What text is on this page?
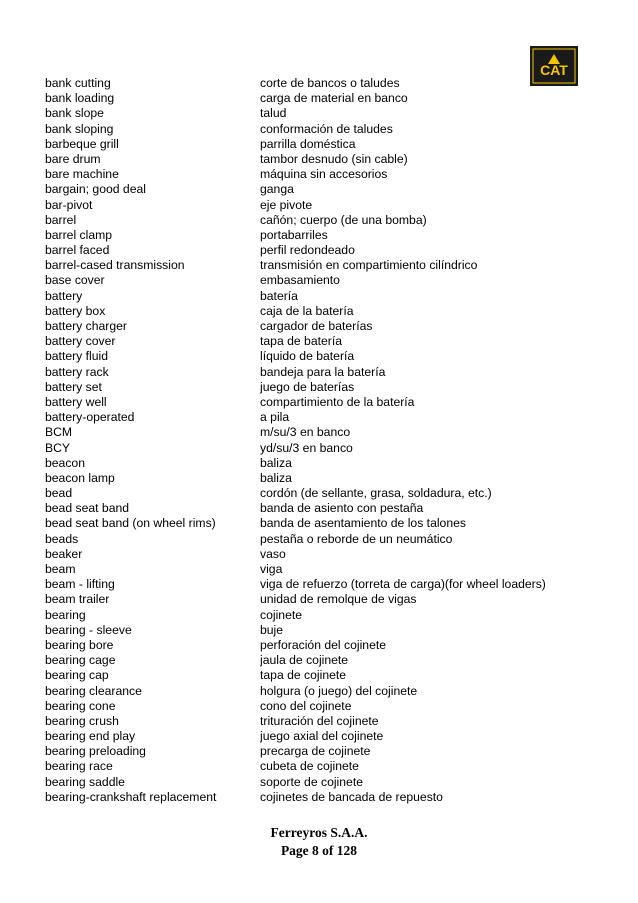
CAT
bank cutting	corte de bancos o taludes
bank loading	carga de material en banco
bank slope	talud
bank sloping	conformación de taludes
barbeque grill	parrilla doméstica
bare drum	tambor desnudo (sin cable)
bare machine	máquina sin accesorios
bargain; good deal	ganga
bar-pivot	eje pivote
barrel	cañón; cuerpo (de una bomba)
barrel clamp	portabarriles
barrel faced	perfil redondeado
barrel-cased transmission	transmisión en compartimiento cilíndrico
base cover	embasamiento
battery	batería
battery box	caja de la batería
battery charger	cargador de baterías
battery cover	tapa de batería
battery fluid	líquido de batería
battery rack	bandeja para la batería
battery set	juego de baterías
battery well	compartimiento de la batería
battery-operated	a pila
BCM	m/su/3 en banco
BCY	yd/su/3 en banco
beacon	baliza
beacon lamp	baliza
bead	cordón (de sellante, grasa, soldadura, etc.)
bead seat band	banda de asiento con pestaña
bead seat band (on wheel rims)	banda de asentamiento de los talones
beads	pestaña o reborde de un neumático
beaker	vaso
beam	viga
beam - lifting	viga de refuerzo (torreta de carga)(for wheel loaders)
beam trailer	unidad de remolque de vigas
bearing	cojinete
bearing - sleeve	buje
bearing bore	perforación del cojinete
bearing cage	jaula de cojinete
bearing cap	tapa de cojinete
bearing clearance	holgura (o juego) del cojinete
bearing cone	cono del cojinete
bearing crush	trituración del cojinete
bearing end play	juego axial del cojinete
bearing preloading	precarga de cojinete
bearing race	cubeta de cojinete
bearing saddle	soporte de cojinete
bearing-crankshaft replacement	cojinetes de bancada de repuesto
Ferreyros S.A.A.
Page 8 of 128
